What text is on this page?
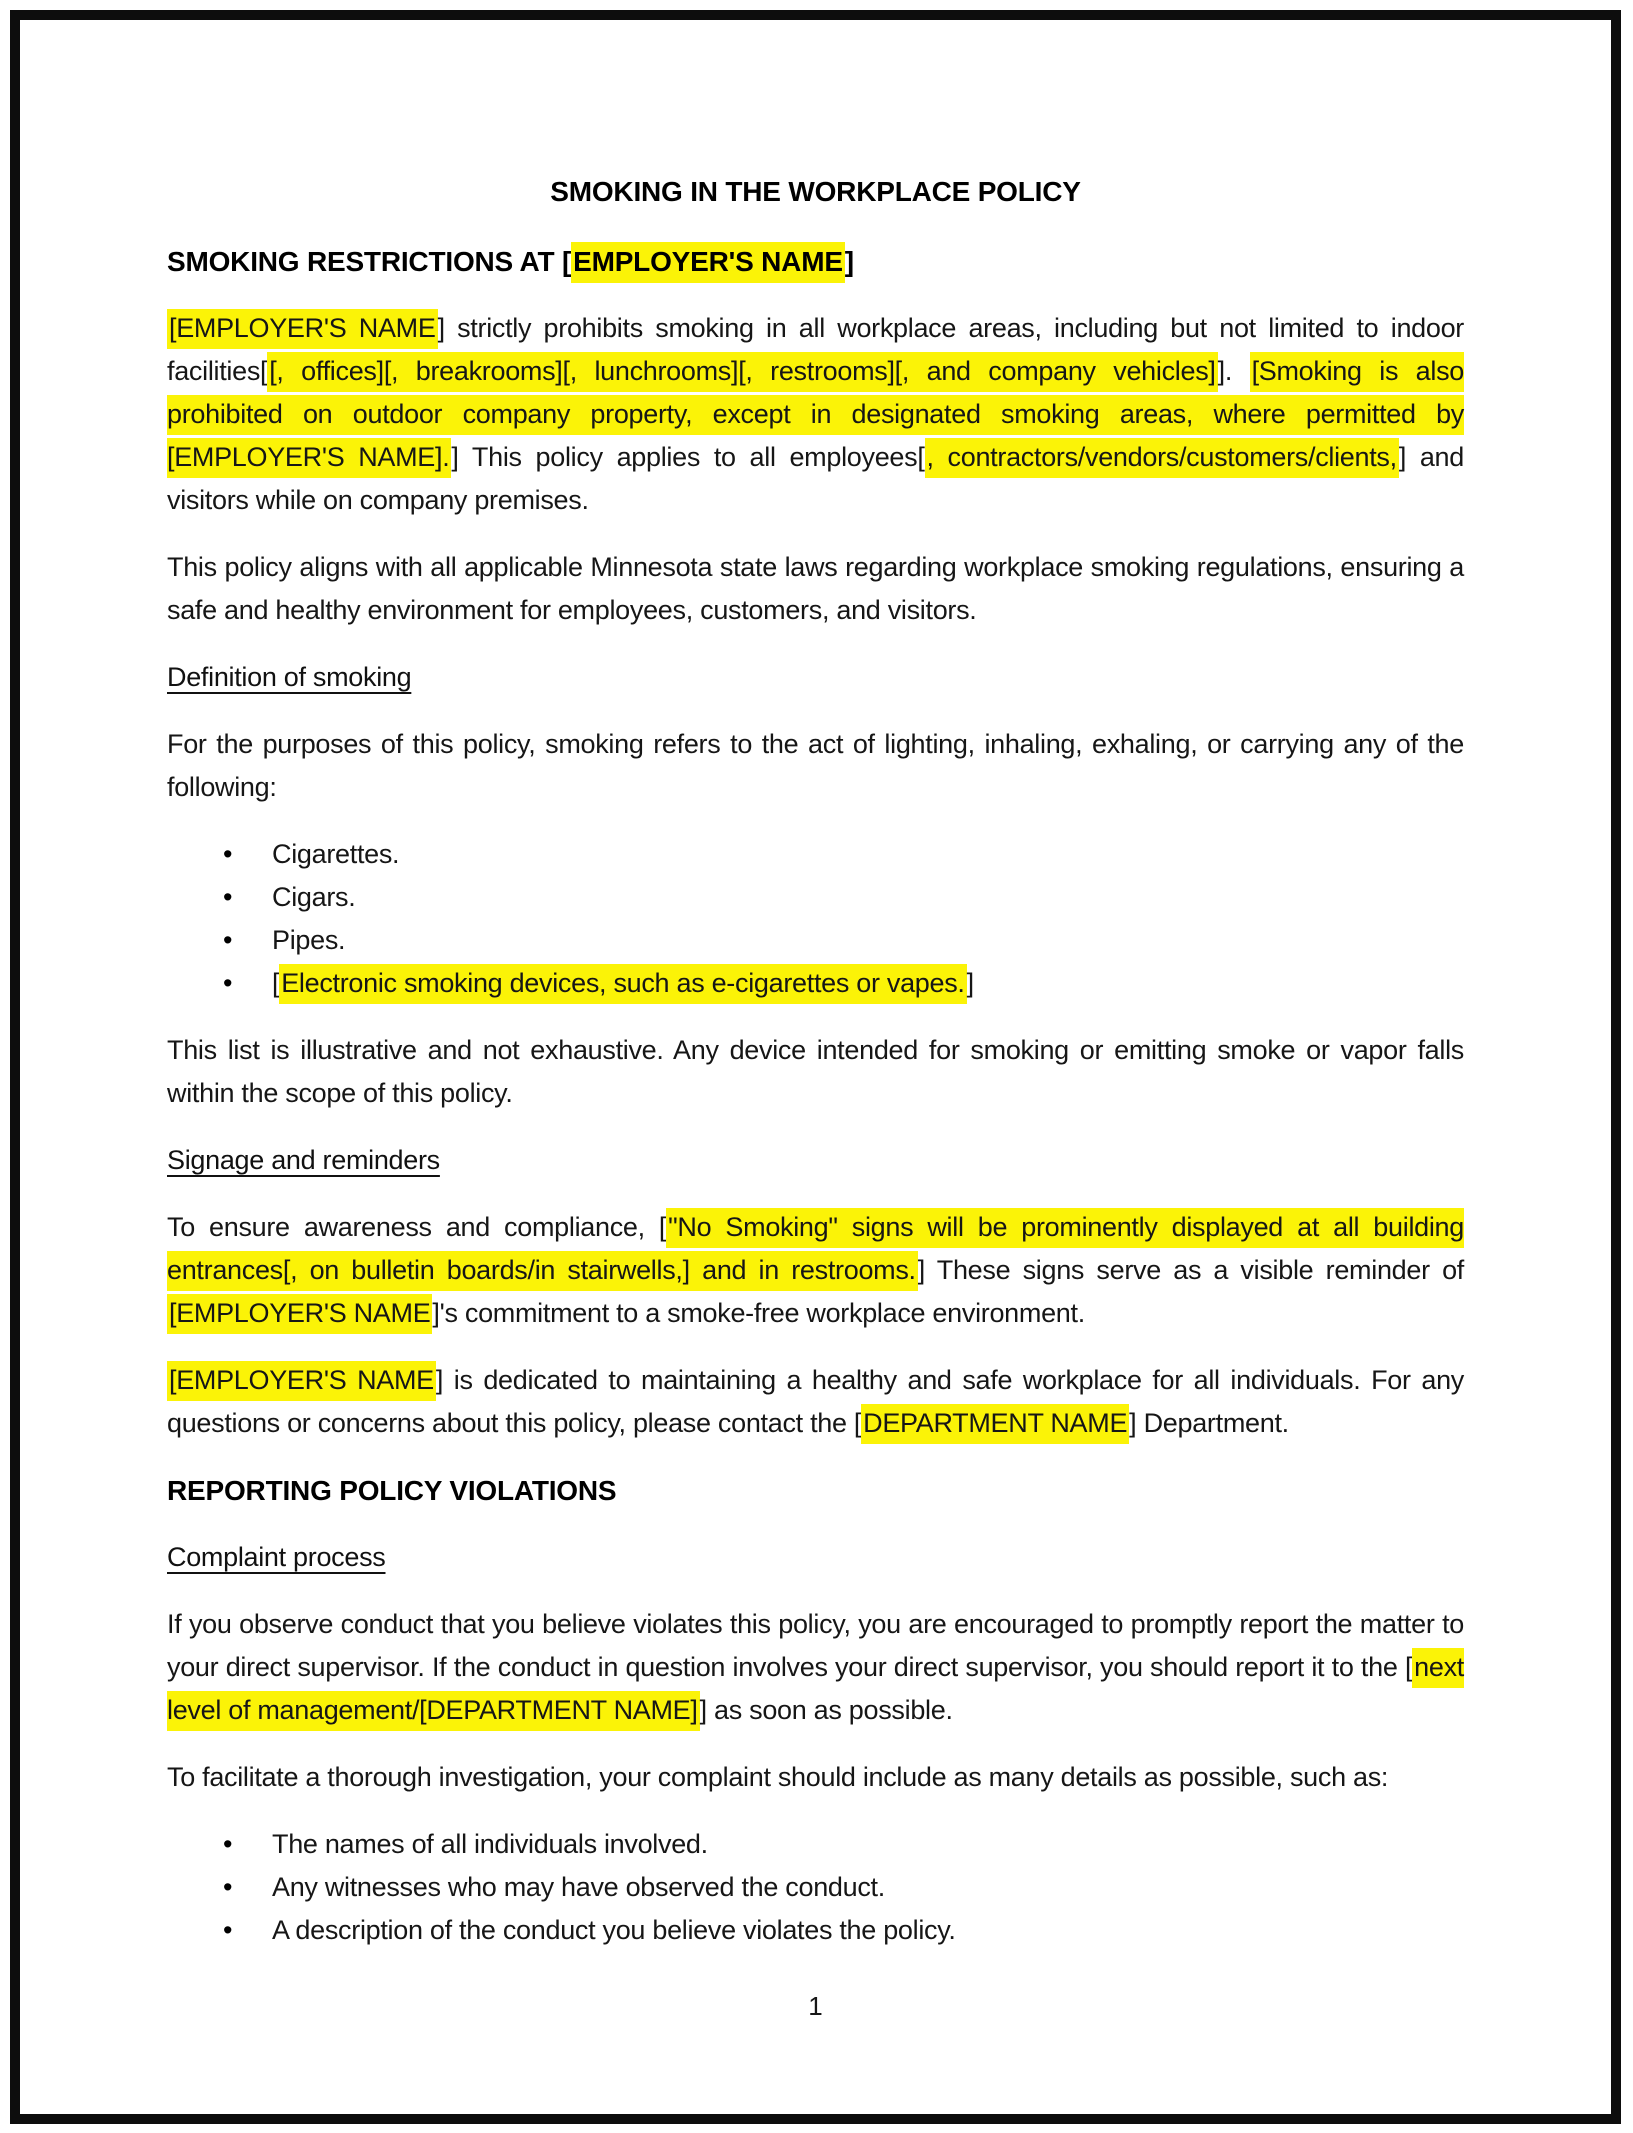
SMOKING IN THE WORKPLACE POLICY
SMOKING RESTRICTIONS AT [EMPLOYER'S NAME]

[EMPLOYER'S NAME] strictly prohibits smoking in all workplace areas, including but not limited to indoor facilities[[, offices][, breakrooms][, lunchrooms][, restrooms][, and company vehicles]]. [Smoking is also prohibited on outdoor company property, except in designated smoking areas, where permitted by [EMPLOYER'S NAME].] This policy applies to all employees[, contractors/vendors/customers/clients,] and visitors while on company premises.

This policy aligns with all applicable Minnesota state laws regarding workplace smoking regulations, ensuring a safe and healthy environment for employees, customers, and visitors.

Definition of smoking

For the purposes of this policy, smoking refers to the act of lighting, inhaling, exhaling, or carrying any of the following:

•	Cigarettes.
•	Cigars.
•	Pipes.
•	[Electronic smoking devices, such as e-cigarettes or vapes.]

This list is illustrative and not exhaustive. Any device intended for smoking or emitting smoke or vapor falls within the scope of this policy.

Signage and reminders

To ensure awareness and compliance, ["No Smoking" signs will be prominently displayed at all building entrances[, on bulletin boards/in stairwells,] and in restrooms.] These signs serve as a visible reminder of [EMPLOYER'S NAME]'s commitment to a smoke-free workplace environment.

[EMPLOYER'S NAME] is dedicated to maintaining a healthy and safe workplace for all individuals. For any questions or concerns about this policy, please contact the [DEPARTMENT NAME] Department.

REPORTING POLICY VIOLATIONS
Complaint process

If you observe conduct that you believe violates this policy, you are encouraged to promptly report the matter to your direct supervisor. If the conduct in question involves your direct supervisor, you should report it to the [next level of management/[DEPARTMENT NAME]] as soon as possible.

To facilitate a thorough investigation, your complaint should include as many details as possible, such as:

•	The names of all individuals involved.
•	Any witnesses who may have observed the conduct.
•	A description of the conduct you believe violates the policy.
1
